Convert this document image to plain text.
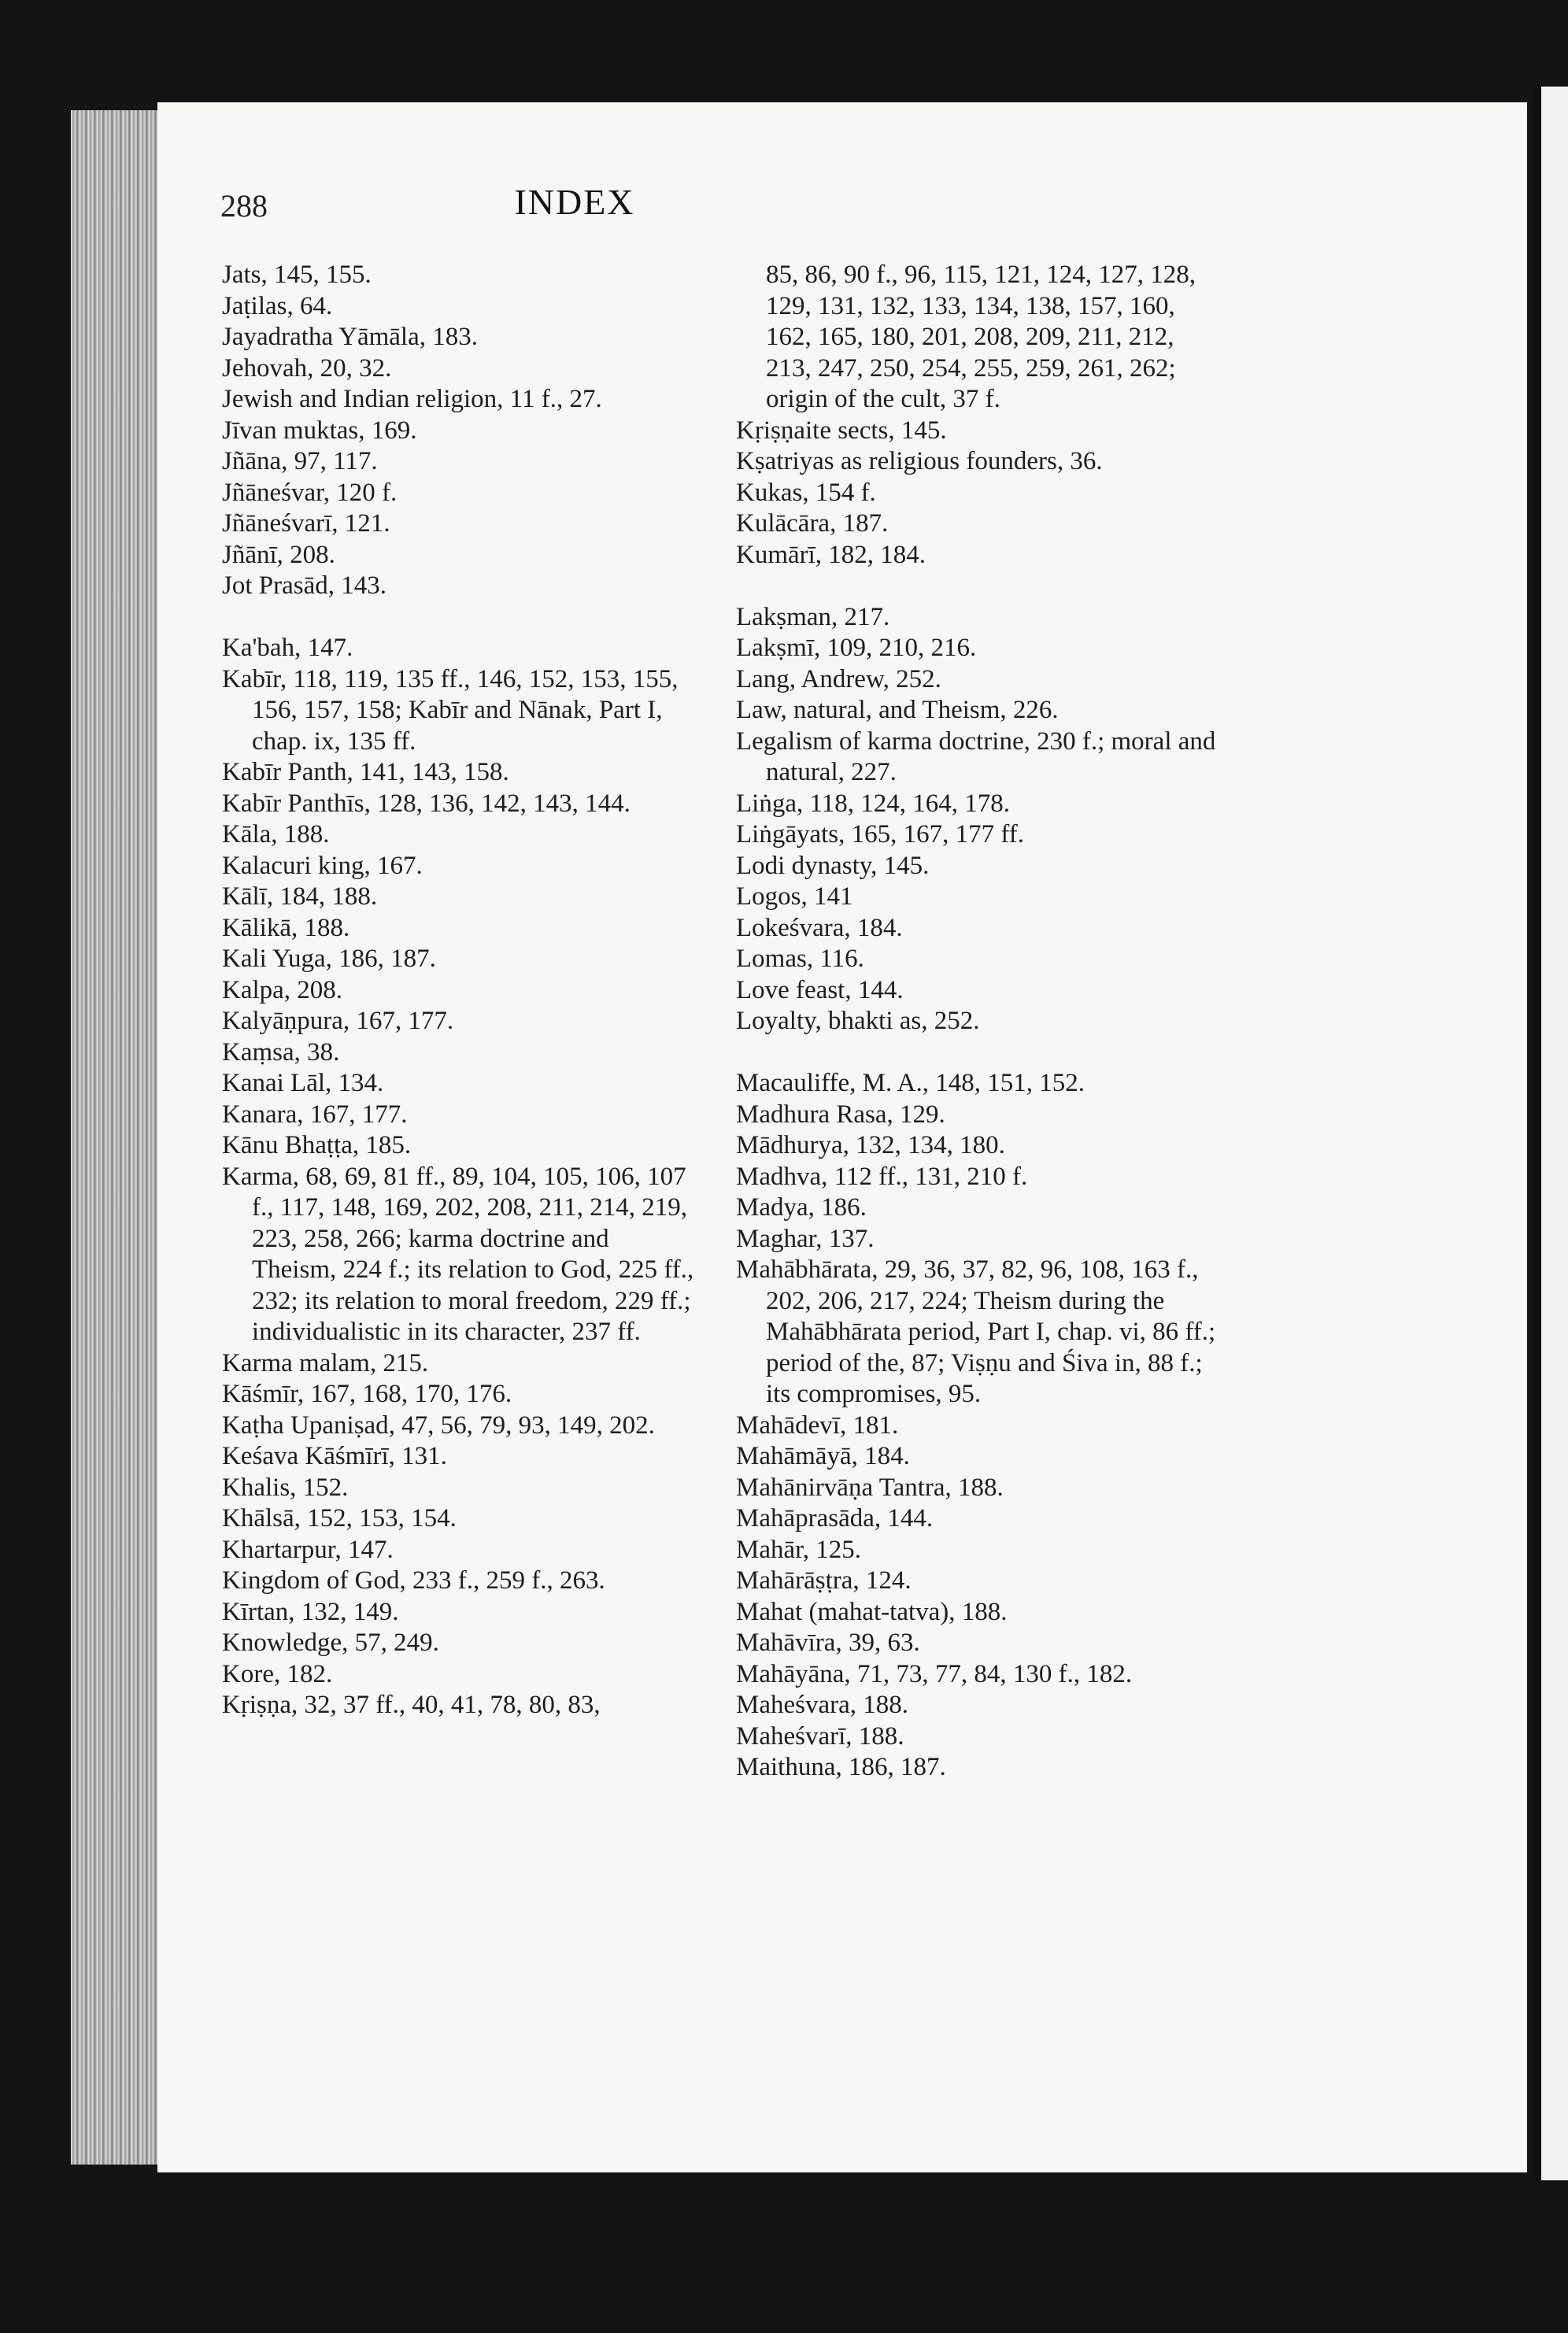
288	INDEX
Jats, 145, 155.
Jaṭilas, 64.
Jayadratha Yāmāla, 183.
Jehovah, 20, 32.
Jewish and Indian religion, 11 f., 27.
Jīvan muktas, 169.
Jñāna, 97, 117.
Jñāneśvar, 120 f.
Jñāneśvarī, 121.
Jñānī, 208.
Jot Prasād, 143.
Ka'bah, 147.
Kabīr, 118, 119, 135 ff., 146, 152, 153, 155, 156, 157, 158; Kabīr and Nānak, Part I, chap. ix, 135 ff.
Kabīr Panth, 141, 143, 158.
Kabīr Panthīs, 128, 136, 142, 143, 144.
Kāla, 188.
Kalacuri king, 167.
Kālī, 184, 188.
Kālikā, 188.
Kali Yuga, 186, 187.
Kalpa, 208.
Kalyāṇpura, 167, 177.
Kaṃsa, 38.
Kanai Lāl, 134.
Kanara, 167, 177.
Kānu Bhaṭṭa, 185.
Karma, 68, 69, 81 ff., 89, 104, 105, 106, 107 f., 117, 148, 169, 202, 208, 211, 214, 219, 223, 258, 266; karma doctrine and Theism, 224 f.; its relation to God, 225 ff., 232; its relation to moral freedom, 229 ff.; individualistic in its character, 237 ff.
Karma malam, 215.
Kāśmīr, 167, 168, 170, 176.
Kaṭha Upaniṣad, 47, 56, 79, 93, 149, 202.
Keśava Kāśmīrī, 131.
Khalis, 152.
Khālsā, 152, 153, 154.
Khartarpur, 147.
Kingdom of God, 233 f., 259 f., 263.
Kīrtan, 132, 149.
Knowledge, 57, 249.
Kore, 182.
Kṛiṣṇa, 32, 37 ff., 40, 41, 78, 80, 83,
85, 86, 90 f., 96, 115, 121, 124, 127, 128, 129, 131, 132, 133, 134, 138, 157, 160, 162, 165, 180, 201, 208, 209, 211, 212, 213, 247, 250, 254, 255, 259, 261, 262; origin of the cult, 37 f.
Kṛiṣṇaite sects, 145.
Kṣatriyas as religious founders, 36.
Kukas, 154 f.
Kulācāra, 187.
Kumārī, 182, 184.
Lakṣman, 217.
Lakṣmī, 109, 210, 216.
Lang, Andrew, 252.
Law, natural, and Theism, 226.
Legalism of karma doctrine, 230 f.; moral and natural, 227.
Liṅga, 118, 124, 164, 178.
Liṅgāyats, 165, 167, 177 ff.
Lodi dynasty, 145.
Logos, 141
Lokeśvara, 184.
Lomas, 116.
Love feast, 144.
Loyalty, bhakti as, 252.
Macauliffe, M. A., 148, 151, 152.
Madhura Rasa, 129.
Mādhurya, 132, 134, 180.
Madhva, 112 ff., 131, 210 f.
Madya, 186.
Maghar, 137.
Mahābhārata, 29, 36, 37, 82, 96, 108, 163 f., 202, 206, 217, 224; Theism during the Mahābhārata period, Part I, chap. vi, 86 ff.; period of the, 87; Viṣṇu and Śiva in, 88 f.; its compromises, 95.
Mahādevī, 181.
Mahāmāyā, 184.
Mahānirvāṇa Tantra, 188.
Mahāprasāda, 144.
Mahār, 125.
Mahārāṣṭra, 124.
Mahat (mahat-tatva), 188.
Mahāvīra, 39, 63.
Mahāyāna, 71, 73, 77, 84, 130 f., 182.
Maheśvara, 188.
Maheśvarī, 188.
Maithuna, 186, 187.
